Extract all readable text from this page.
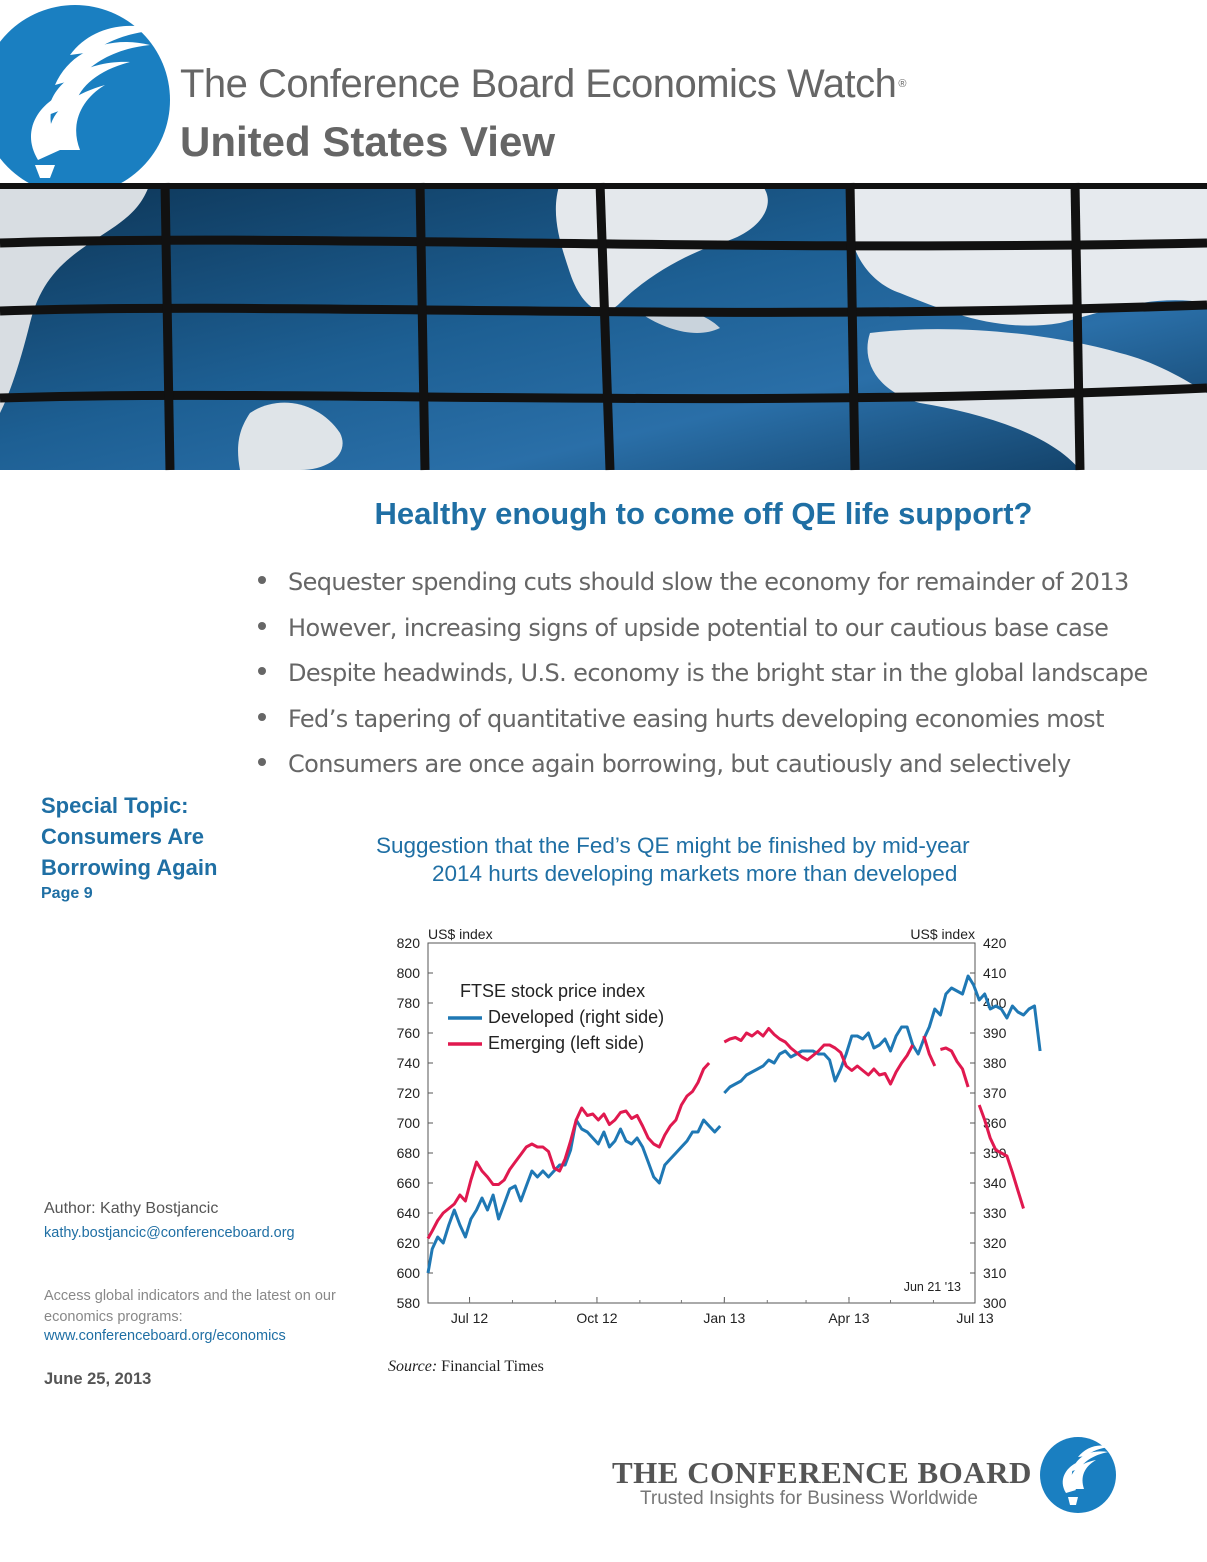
The Conference Board Economics Watch ®
United States View
Healthy enough to come off QE life support?
Sequester spending cuts should slow the economy for remainder of 2013
However, increasing signs of upside potential to our cautious base case
Despite headwinds, U.S. economy is the bright star in the global landscape
Fed’s tapering of quantitative easing hurts developing economies most
Consumers are once again borrowing, but cautiously and selectively
Special Topic:
Consumers Are
Borrowing Again
Page 9
Suggestion that the Fed’s QE might be finished by mid-year
2014 hurts developing markets more than developed
580
600
620
640
660
680
700
720
740
760
780
800
820
300
310
320
330
340
350
360
370
380
390
400
410
420
Jul 12	Oct 12	Jan 13	Apr 13	Jul 13
US$ index	US$ index
Jun 21 '13
FTSE stock price index
Developed (right side)
Emerging (left side)
Source: Financial Times
Author: Kathy Bostjancic
kathy.bostjancic@conferenceboard.org
Access global indicators and the latest on our economics programs:
www.conferenceboard.org/economics
June 25, 2013
THE CONFERENCE BOARD
Trusted Insights for Business Worldwide
